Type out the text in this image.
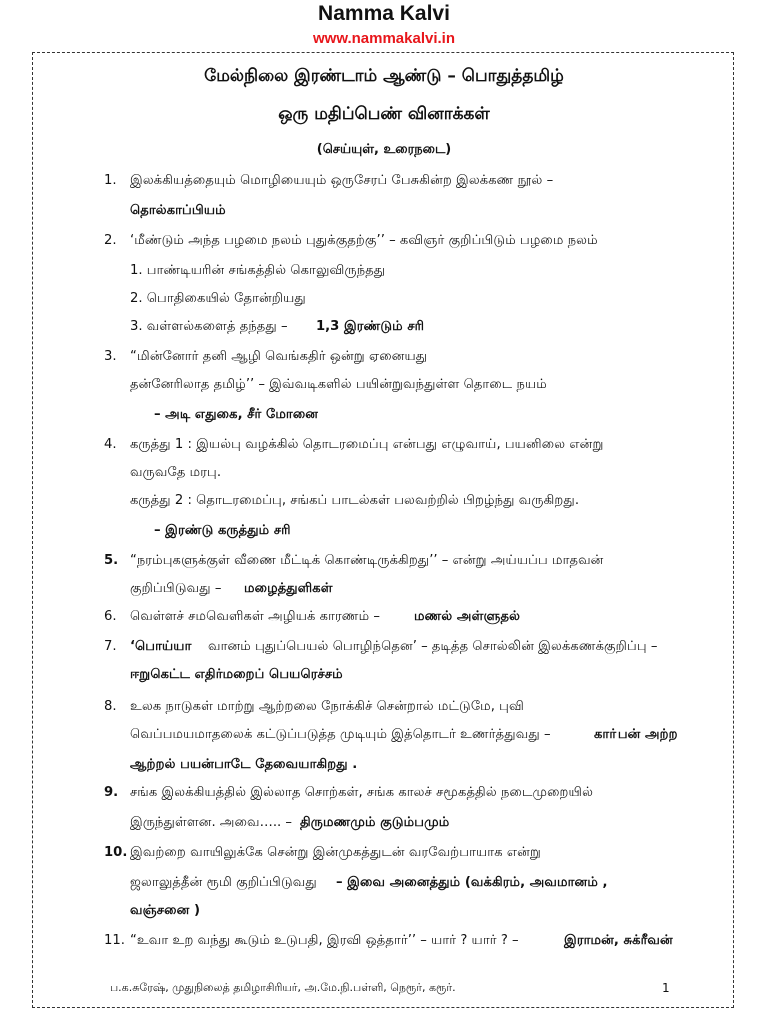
Namma Kalvi
www.nammakalvi.in
மேல்நிலை இரண்டாம் ஆண்டு – பொதுத்தமிழ்
ஒரு மதிப்பெண் வினாக்கள்
(செய்யுள், உரைநடை)
1. இலக்கியத்தையும் மொழியையும் ஒருசேரப் பேசுகின்ற இலக்கண நூல் –
தொல்காப்பியம்
2. ‘மீண்டும் அந்த பழமை நலம் புதுக்குதற்கு’’ – கவிஞர் குறிப்பிடும் பழமை நலம்
1. பாண்டியரின் சங்கத்தில் கொலுவிருந்தது
2. பொதிகையில் தோன்றியது
3. வள்ளல்களைத் தந்தது – 1,3 இரண்டும் சரி
3. “மின்னோர் தனி ஆழி வெங்கதிர் ஒன்று ஏனையது
தன்னேரிலாத தமிழ்’’ – இவ்வடிகளில் பயின்றுவந்துள்ள தொடை நயம்
– அடி எதுகை, சீர் மோனை
4. கருத்து 1 : இயல்பு வழக்கில் தொடரமைப்பு என்பது எழுவாய், பயனிலை என்று
வருவதே மரபு.
கருத்து 2 : தொடரமைப்பு, சங்கப் பாடல்கள் பலவற்றில் பிறழ்ந்து வருகிறது.
– இரண்டு கருத்தும் சரி
5. “நரம்புகளுக்குள் வீணை மீட்டிக் கொண்டிருக்கிறது’’ – என்று அய்யப்ப மாதவன்
குறிப்பிடுவது – மழைத்துளிகள்
6. வெள்ளச் சமவெளிகள் அழியக் காரணம் –	மணல் அள்ளுதல்
7. ‘பொய்யா வானம் புதுப்பெயல் பொழிந்தென’ – தடித்த சொல்லின் இலக்கணக்குறிப்பு –
ஈறுகெட்ட எதிர்மறைப் பெயரெச்சம்
8. உலக நாடுகள் மாற்று ஆற்றலை நோக்கிச் சென்றால் மட்டுமே, புவி
வெப்பமயமாதலைக் கட்டுப்படுத்த முடியும் இத்தொடர் உணர்த்துவது –	காா்பன் அற்ற
ஆற்றல் பயன்பாடே தேவையாகிறது .
9. சங்க இலக்கியத்தில் இல்லாத சொற்கள், சங்க காலச் சமூகத்தில் நடைமுறையில்
இருந்துள்ளன. அவை….. – திருமணமும் குடும்பமும்
10. இவற்றை வாயிலுக்கே சென்று இன்முகத்துடன் வரவேற்பாயாக என்று
ஜலாலுத்தீன் ரூமி குறிப்பிடுவது – இவை அனைத்தும் (வக்கிரம், அவமானம் ,
வஞ்சனை )
11. “உவா உற வந்து கூடும் உடுபதி, இரவி ஒத்தார்’’ – யார் ? யார் ? –	இராமன், சுக்ரீவன்
ப.க.சுரேஷ், முதுநிலைத் தமிழாசிரியர், அ.மே.நி.பள்ளி, நெரூர், கரூர்.	1
